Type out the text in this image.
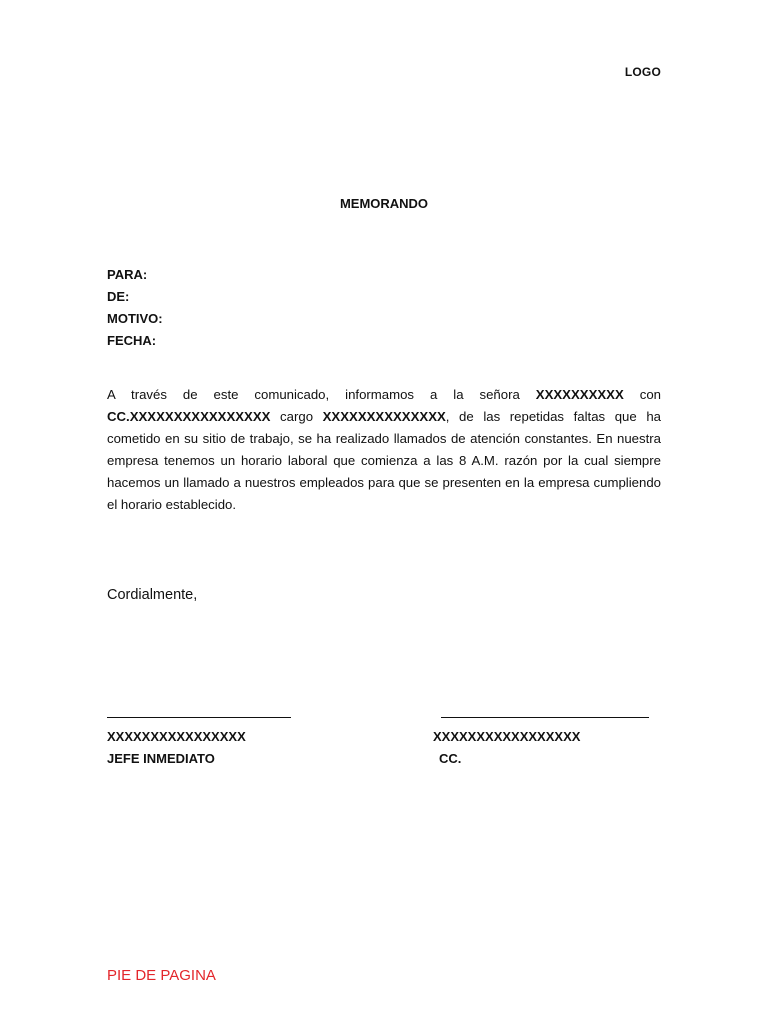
LOGO
MEMORANDO
PARA:
DE:
MOTIVO:
FECHA:
A través de este comunicado, informamos a la señora XXXXXXXXXX con CC.XXXXXXXXXXXXXXXX cargo XXXXXXXXXXXXXX, de las repetidas faltas que ha cometido en su sitio de trabajo, se ha realizado llamados de atención constantes. En nuestra empresa tenemos un horario laboral que comienza a las 8 A.M. razón por la cual siempre hacemos un llamado a nuestros empleados para que se presenten en la empresa cumpliendo el horario establecido.
Cordialmente,
XXXXXXXXXXXXXXXX
JEFE INMEDIATO
XXXXXXXXXXXXXXXXX
CC.
PIE DE PAGINA
